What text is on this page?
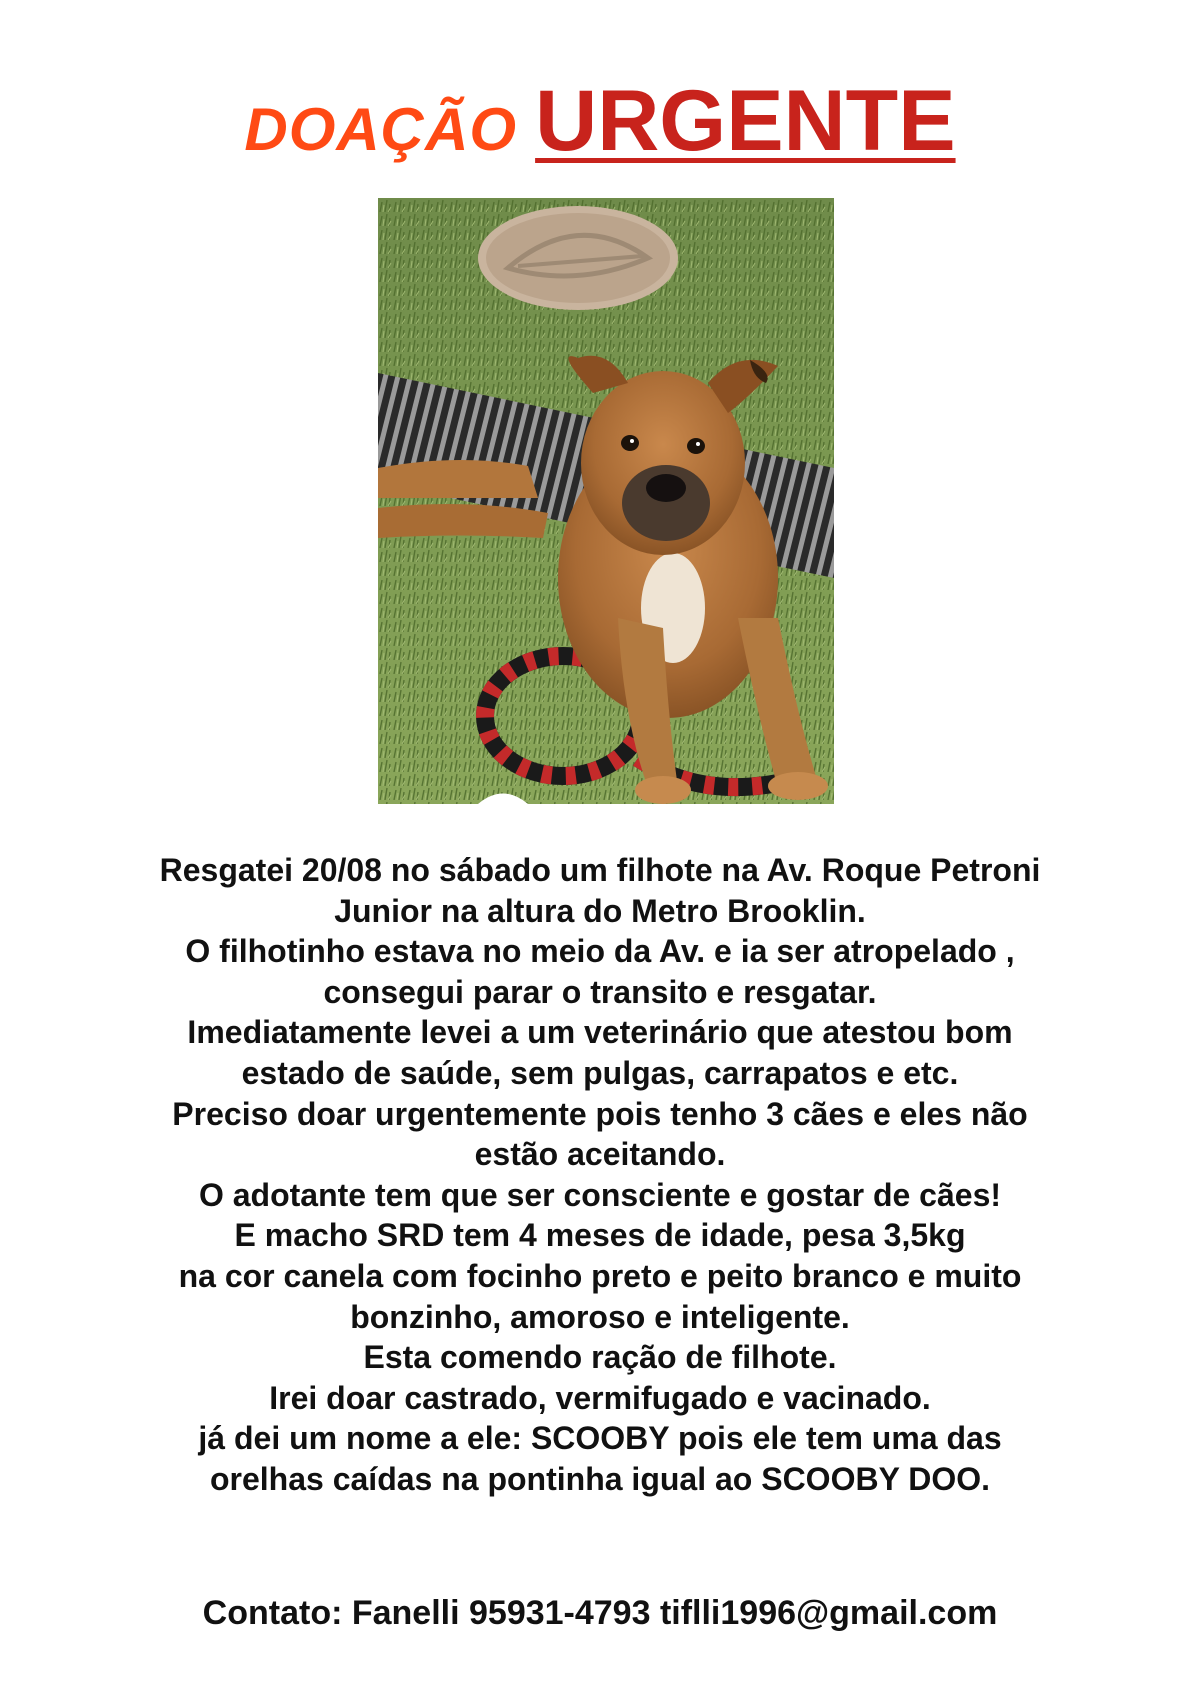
DOAÇÃO URGENTE
Resgatei 20/08 no sábado um filhote na Av. Roque Petroni
Junior na altura do Metro Brooklin.
O filhotinho estava no meio da Av. e ia ser atropelado ,
consegui parar o transito e resgatar.
Imediatamente levei a um veterinário que atestou bom
estado de saúde, sem pulgas, carrapatos e etc.
Preciso doar urgentemente pois tenho 3 cães e eles não
estão aceitando.
O adotante tem que ser consciente e gostar de cães!
E macho SRD tem 4 meses de idade, pesa 3,5kg
na cor canela com focinho preto e peito branco e muito
bonzinho, amoroso e inteligente.
Esta comendo ração de filhote.
Irei doar castrado, vermifugado e vacinado.
já dei um nome a ele: SCOOBY pois ele tem uma das
orelhas caídas na pontinha igual ao SCOOBY DOO.
Contato: Fanelli 95931-4793 tiflli1996@gmail.com
